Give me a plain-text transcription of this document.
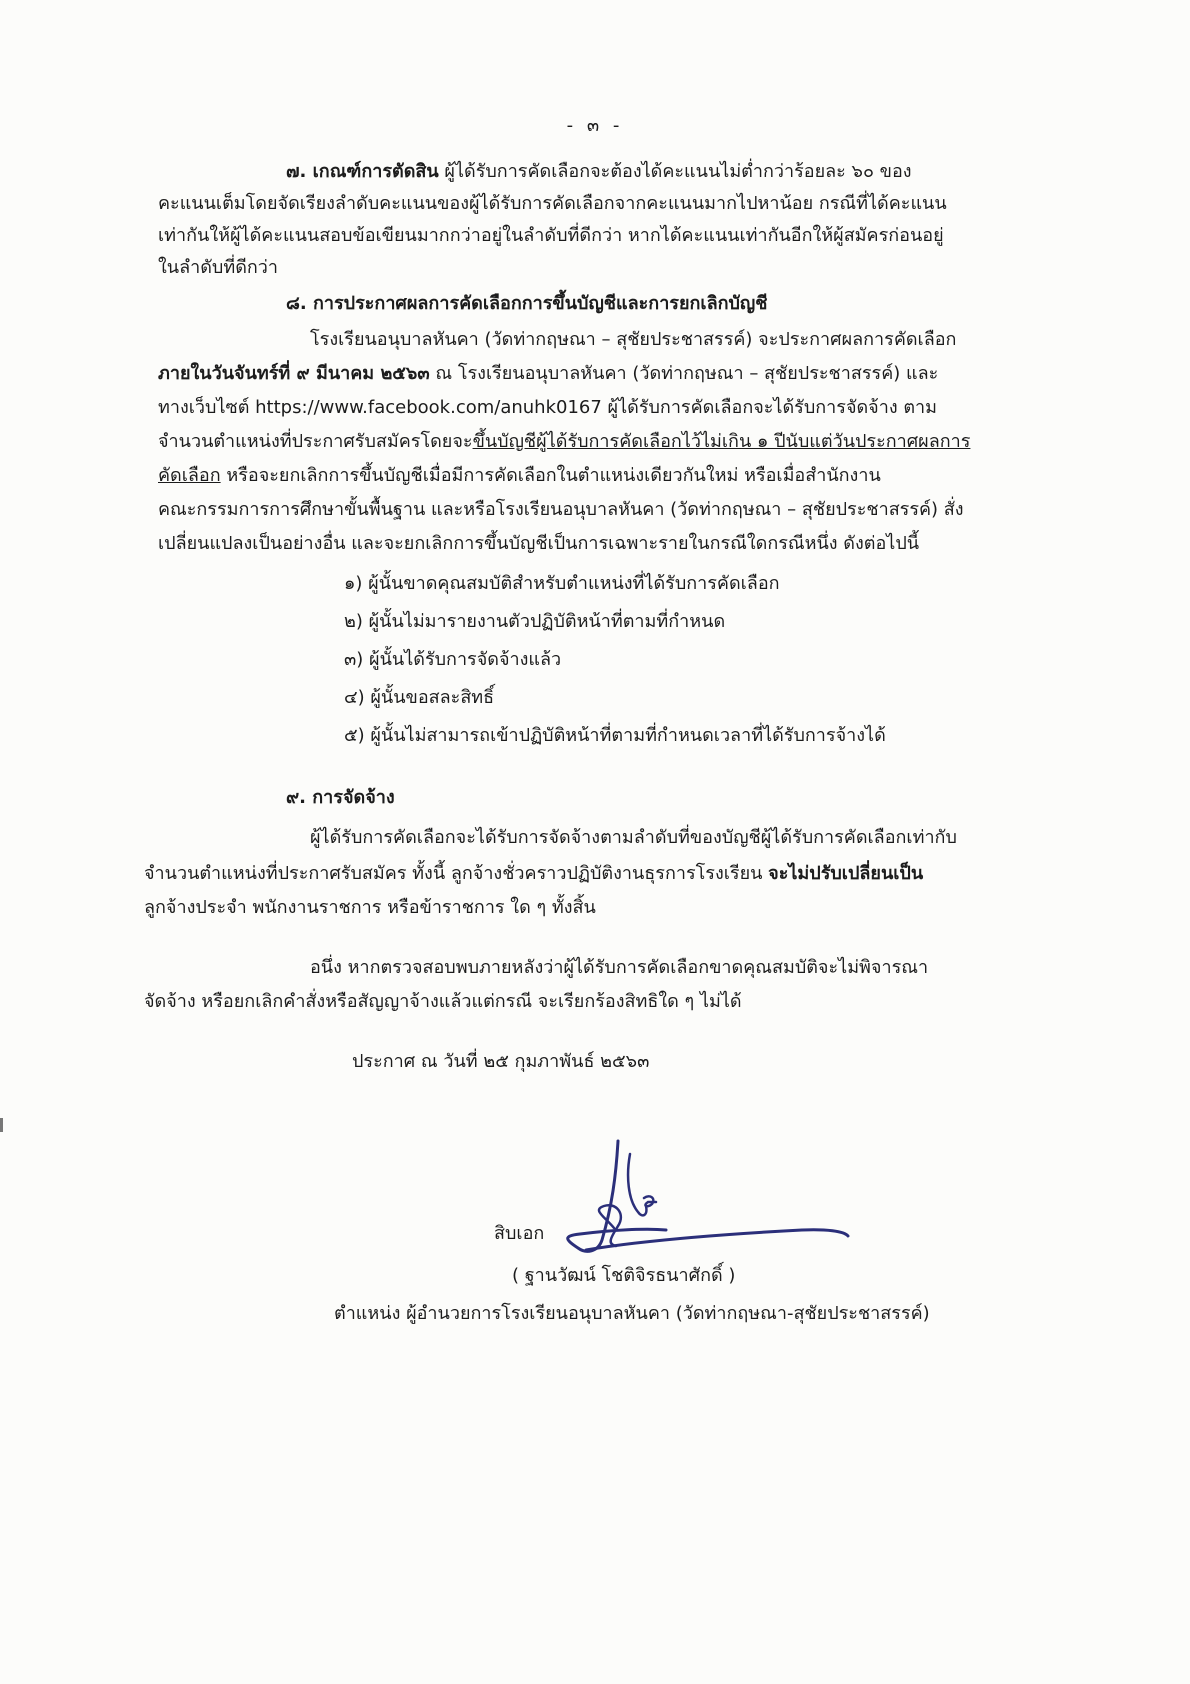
- ๓ -
๗. เกณฑ์การตัดสิน ผู้ได้รับการคัดเลือกจะต้องได้คะแนนไม่ต่ำกว่าร้อยละ ๖๐ ของ
คะแนนเต็มโดยจัดเรียงลำดับคะแนนของผู้ได้รับการคัดเลือกจากคะแนนมากไปหาน้อย กรณีที่ได้คะแนน
เท่ากันให้ผู้ได้คะแนนสอบข้อเขียนมากกว่าอยู่ในลำดับที่ดีกว่า หากได้คะแนนเท่ากันอีกให้ผู้สมัครก่อนอยู่
ในลำดับที่ดีกว่า
๘. การประกาศผลการคัดเลือกการขึ้นบัญชีและการยกเลิกบัญชี
โรงเรียนอนุบาลหันคา (วัดท่ากฤษณา – สุชัยประชาสรรค์) จะประกาศผลการคัดเลือก
ภายในวันจันทร์ที่ ๙ มีนาคม ๒๕๖๓ ณ โรงเรียนอนุบาลหันคา (วัดท่ากฤษณา – สุชัยประชาสรรค์) และ
ทางเว็บไซต์ https://www.facebook.com/anuhk0167 ผู้ได้รับการคัดเลือกจะได้รับการจัดจ้าง ตาม
จำนวนตำแหน่งที่ประกาศรับสมัครโดยจะขึ้นบัญชีผู้ได้รับการคัดเลือกไว้ไม่เกิน ๑ ปีนับแต่วันประกาศผลการ
คัดเลือก หรือจะยกเลิกการขึ้นบัญชีเมื่อมีการคัดเลือกในตำแหน่งเดียวกันใหม่ หรือเมื่อสำนักงาน
คณะกรรมการการศึกษาขั้นพื้นฐาน และหรือโรงเรียนอนุบาลหันคา (วัดท่ากฤษณา – สุชัยประชาสรรค์) สั่ง
เปลี่ยนแปลงเป็นอย่างอื่น และจะยกเลิกการขึ้นบัญชีเป็นการเฉพาะรายในกรณีใดกรณีหนึ่ง ดังต่อไปนี้
๑) ผู้นั้นขาดคุณสมบัติสำหรับตำแหน่งที่ได้รับการคัดเลือก
๒) ผู้นั้นไม่มารายงานตัวปฏิบัติหน้าที่ตามที่กำหนด
๓) ผู้นั้นได้รับการจัดจ้างแล้ว
๔) ผู้นั้นขอสละสิทธิ์
๕) ผู้นั้นไม่สามารถเข้าปฏิบัติหน้าที่ตามที่กำหนดเวลาที่ได้รับการจ้างได้
๙. การจัดจ้าง
ผู้ได้รับการคัดเลือกจะได้รับการจัดจ้างตามลำดับที่ของบัญชีผู้ได้รับการคัดเลือกเท่ากับ
จำนวนตำแหน่งที่ประกาศรับสมัคร ทั้งนี้ ลูกจ้างชั่วคราวปฏิบัติงานธุรการโรงเรียน จะไม่ปรับเปลี่ยนเป็น
ลูกจ้างประจำ พนักงานราชการ หรือข้าราชการ ใด ๆ ทั้งสิ้น
อนึ่ง หากตรวจสอบพบภายหลังว่าผู้ได้รับการคัดเลือกขาดคุณสมบัติจะไม่พิจารณา
จัดจ้าง หรือยกเลิกคำสั่งหรือสัญญาจ้างแล้วแต่กรณี จะเรียกร้องสิทธิใด ๆ ไม่ได้
ประกาศ ณ วันที่ ๒๕ กุมภาพันธ์ ๒๕๖๓
สิบเอก
( ฐานวัฒน์ โชติจิรธนาศักดิ์ )
ตำแหน่ง ผู้อำนวยการโรงเรียนอนุบาลหันคา (วัดท่ากฤษณา-สุชัยประชาสรรค์)
